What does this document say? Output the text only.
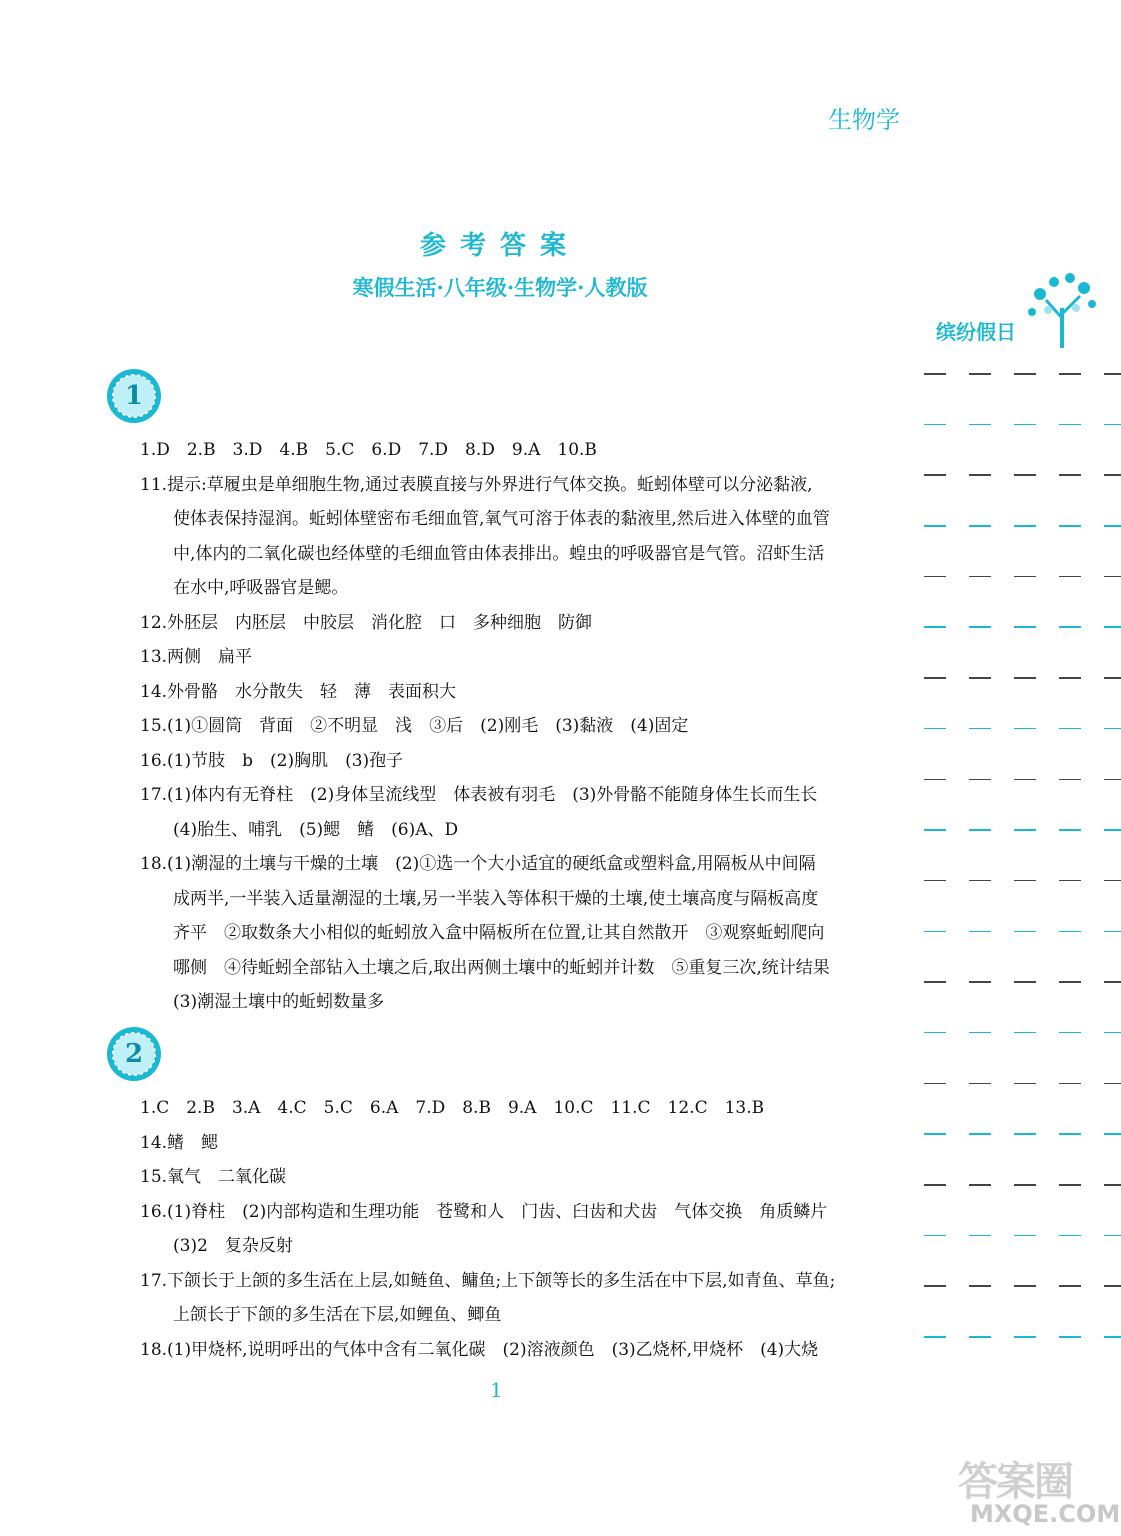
生物学
参考答案
寒假生活·八年级·生物学·人教版
缤纷假日
1
1.D　2.B　3.D　4.B　5.C　6.D　7.D　8.D　9.A　10.B
11.提示:草履虫是单细胞生物,通过表膜直接与外界进行气体交换。蚯蚓体壁可以分泌黏液,
使体表保持湿润。蚯蚓体壁密布毛细血管,氧气可溶于体表的黏液里,然后进入体壁的血管
中,体内的二氧化碳也经体壁的毛细血管由体表排出。蝗虫的呼吸器官是气管。沼虾生活
在水中,呼吸器官是鳃。
12.外胚层　内胚层　中胶层　消化腔　口　多种细胞　防御
13.两侧　扁平
14.外骨骼　水分散失　轻　薄　表面积大
15.(1)①圆筒　背面　②不明显　浅　③后　(2)刚毛　(3)黏液　(4)固定
16.(1)节肢　b　(2)胸肌　(3)孢子
17.(1)体内有无脊柱　(2)身体呈流线型　体表被有羽毛　(3)外骨骼不能随身体生长而生长
(4)胎生、哺乳　(5)鳃　鳍　(6)A、D
18.(1)潮湿的土壤与干燥的土壤　(2)①选一个大小适宜的硬纸盒或塑料盒,用隔板从中间隔
成两半,一半装入适量潮湿的土壤,另一半装入等体积干燥的土壤,使土壤高度与隔板高度
齐平　②取数条大小相似的蚯蚓放入盒中隔板所在位置,让其自然散开　③观察蚯蚓爬向
哪侧　④待蚯蚓全部钻入土壤之后,取出两侧土壤中的蚯蚓并计数　⑤重复三次,统计结果
(3)潮湿土壤中的蚯蚓数量多
2
1.C　2.B　3.A　4.C　5.C　6.A　7.D　8.B　9.A　10.C　11.C　12.C　13.B
14.鳍　鳃
15.氧气　二氧化碳
16.(1)脊柱　(2)内部构造和生理功能　苍鹭和人　门齿、臼齿和犬齿　气体交换　角质鳞片
(3)2　复杂反射
17.下颌长于上颌的多生活在上层,如鲢鱼、鳙鱼;上下颌等长的多生活在中下层,如青鱼、草鱼;
上颌长于下颌的多生活在下层,如鲤鱼、鲫鱼
18.(1)甲烧杯,说明呼出的气体中含有二氧化碳　(2)溶液颜色　(3)乙烧杯,甲烧杯　(4)大烧
1
答案圈
MXQE.COM
